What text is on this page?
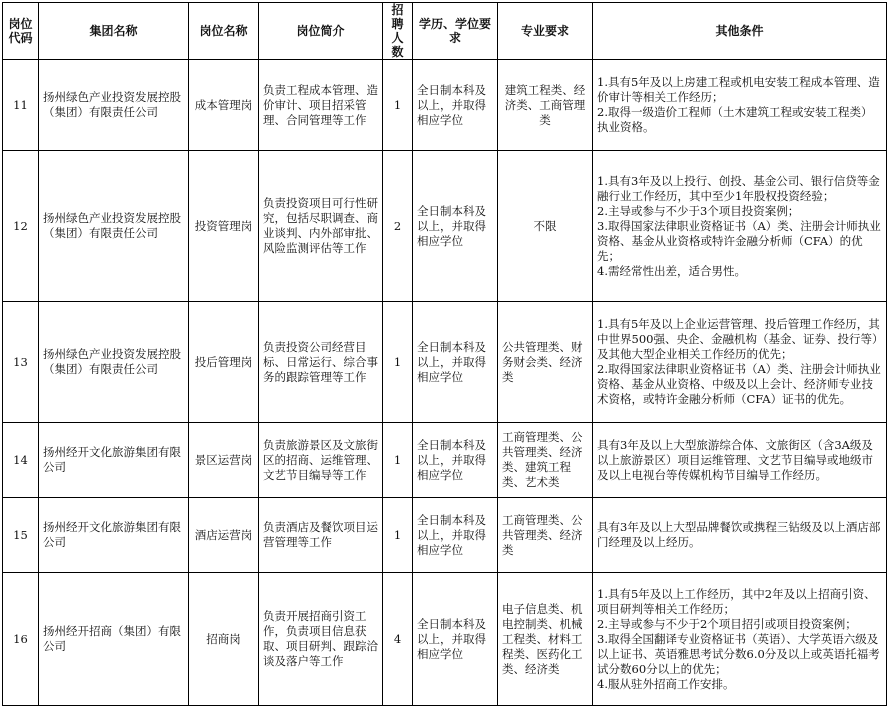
岗位代码	集团名称	岗位名称	岗位简介	招聘人数	学历、学位要求	专业要求	其他条件
11	扬州绿色产业投资发展控股（集团）有限责任公司	成本管理岗	负责工程成本管理、造价审计、项目招采管理、合同管理等工作	1	全日制本科及以上，并取得相应学位	建筑工程类、经济类、工商管理类	1.具有5年及以上房建工程或机电安装工程成本管理、造价审计等相关工作经历；
2.取得一级造价工程师（土木建筑工程或安装工程类）执业资格。

12	扬州绿色产业投资发展控股（集团）有限责任公司	投资管理岗	负责投资项目可行性研究，包括尽职调查、商业谈判、内外部审批、风险监测评估等工作	2	全日制本科及以上，并取得相应学位	不限	1.具有3年及以上投行、创投、基金公司、银行信贷等金融行业工作经历，其中至少1年股权投资经验；
2.主导或参与不少于3个项目投资案例；
3.取得国家法律职业资格证书（A）类、注册会计师执业资格、基金从业资格或特许金融分析师（CFA）的优先；
4.需经常性出差，适合男性。

13	扬州绿色产业投资发展控股（集团）有限责任公司	投后管理岗	负责投资公司经营目标、日常运行、综合事务的跟踪管理等工作	1	全日制本科及以上，并取得相应学位	公共管理类、财务财会类、经济类	1.具有5年及以上企业运营管理、投后管理工作经历，其中世界500强、央企、金融机构（基金、证券、投行等）及其他大型企业相关工作经历的优先；
2.取得国家法律职业资格证书（A）类、注册会计师执业资格、基金从业资格、中级及以上会计、经济师专业技术资格，或特许金融分析师（CFA）证书的优先。

14	扬州经开文化旅游集团有限公司	景区运营岗	负责旅游景区及文旅街区的招商、运维管理、文艺节目编导等工作	1	全日制本科及以上，并取得相应学位	工商管理类、公共管理类、经济类、建筑工程类、艺术类	具有3年及以上大型旅游综合体、文旅街区（含3A级及以上旅游景区）项目运维管理、文艺节目编导或地级市及以上电视台等传媒机构节目编导工作经历。

15	扬州经开文化旅游集团有限公司	酒店运营岗	负责酒店及餐饮项目运营管理等工作	1	全日制本科及以上，并取得相应学位	工商管理类、公共管理类、经济类	具有3年及以上大型品牌餐饮或携程三钻级及以上酒店部门经理及以上经历。

16	扬州经开招商（集团）有限公司	招商岗	负责开展招商引资工作，负责项目信息获取、项目研判、跟踪洽谈及落户等工作	4	全日制本科及以上，并取得相应学位	电子信息类、机电控制类、机械工程类、材料工程类、医药化工类、经济类	1.具有5年及以上工作经历，其中2年及以上招商引资、项目研判等相关工作经历；
2.主导或参与不少于2个项目招引或项目投资案例；
3.取得全国翻译专业资格证书（英语）、大学英语六级及以上证书、英语雅思考试分数6.0分及以上或英语托福考试分数60分以上的优先；
4.服从驻外招商工作安排。
